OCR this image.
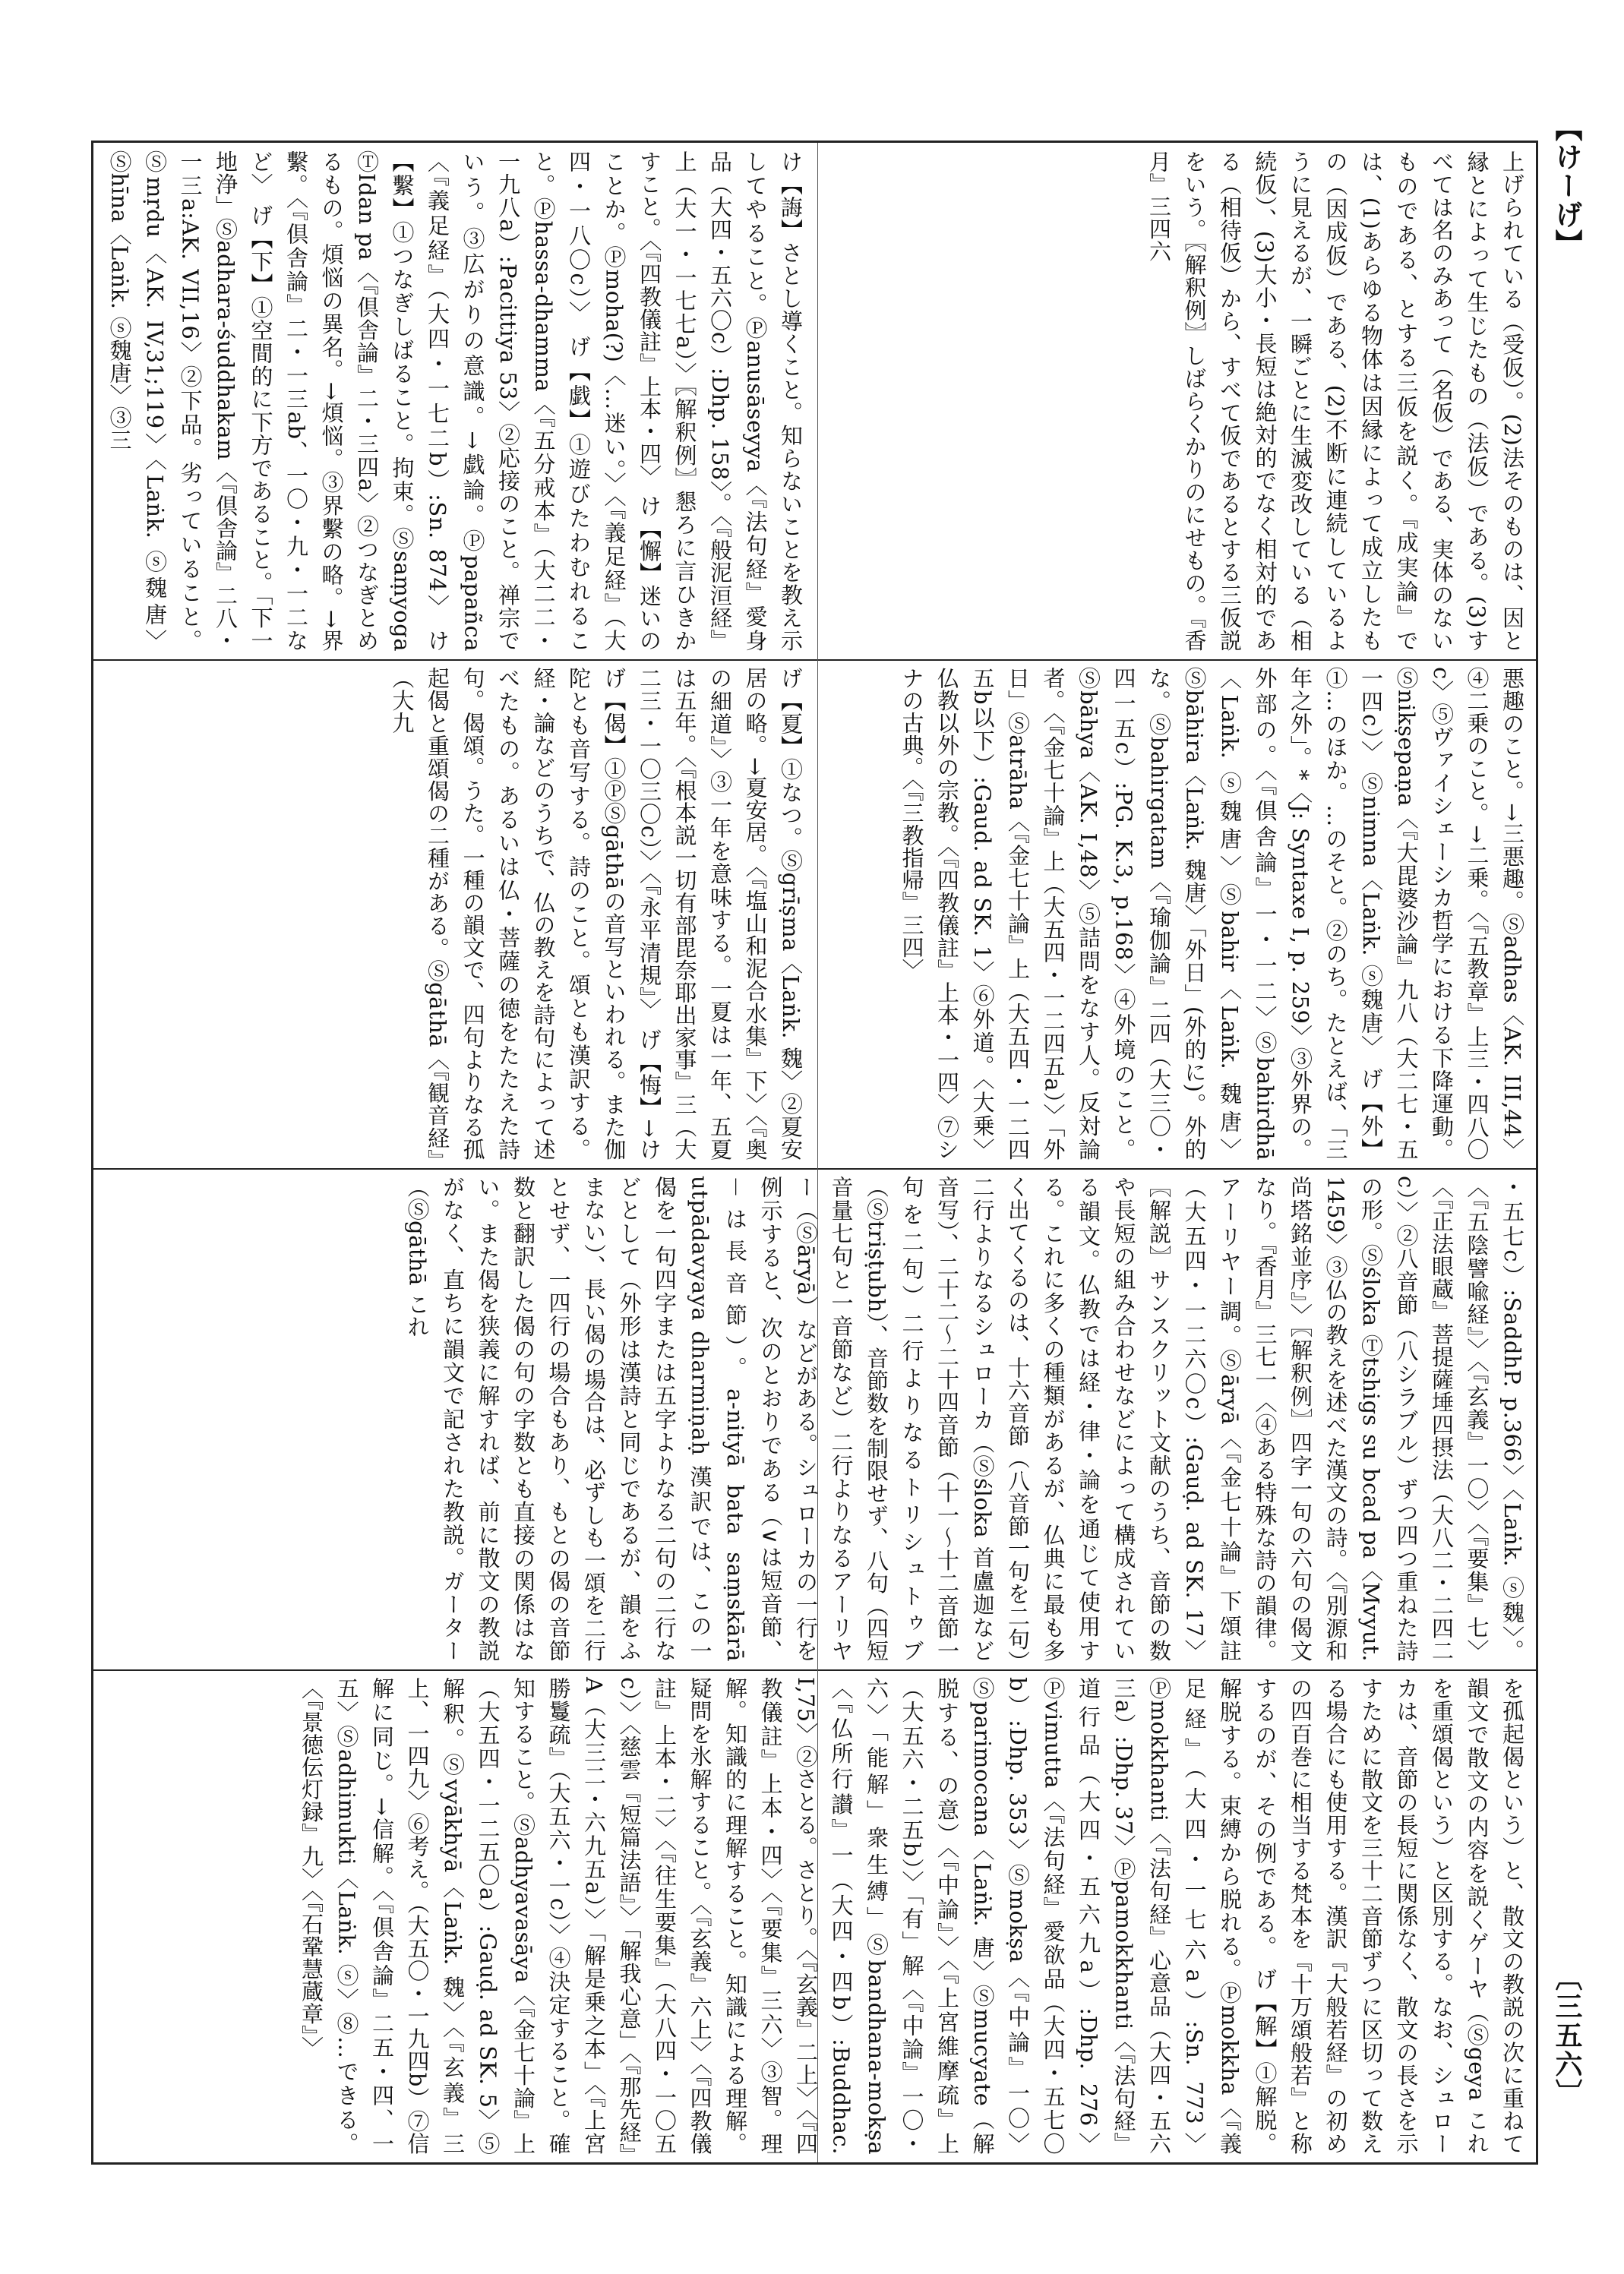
【けーげ】
〔三五六〕
上げられている（受仮）。(2)法そのものは、因と縁とによって生じたもの（法仮）である。(3)すべては名のみあって（名仮）である、実体のないものである、とする三仮を説く。『成実論』では、(1)あらゆる物体は因縁によって成立したもの（因成仮）である、(2)不断に連続しているように見えるが、一瞬ごとに生滅変改している（相続仮）、(3)大小・長短は絶対的でなく相対的である（相待仮）から、すべて仮であるとする三仮説をいう。〖解釈例〗しばらくかりのにせもの。『香月』三四六
け【誨】さとし導くこと。知らないことを教え示してやること。Ⓟanusāseyya〈『法句経』愛身品（大四・五六〇c）:Dhp. 158〉。〈『般泥洹経』上（大一・一七七a）〉〖解釈例〗懇ろに言ひきかすこと。〈『四教儀註』上本・四〉 け【懈】迷いのことか。Ⓟmoha(?)〈…迷い。〉〈『義足経』（大四・一八〇c）〉 げ【戯】①遊びたわむれること。Ⓟhassa-dhamma〈『五分戒本』（大二二・一九八a）:Pacittiya 53〉②応接のこと。禅宗でいう。③広がりの意識。→戯論。Ⓟpapañca〈『義足経』（大四・一七二b）:Sn. 874〉 け【繫】①つなぎしばること。拘束。Ⓢsaṃyoga ⓉIdan pa〈『倶舎論』二・三四a〉②つなぎとめるもの。煩悩の異名。→煩悩。③界繫の略。→界繫。〈『倶舎論』二・一三ab、一〇・九・一二など〉 げ【下】①空間的に下方であること。「下一地浄」Ⓢadhara-śuddhakam〈『倶舎論』二八・一三a:AK. VII,16〉②下品。劣っていること。Ⓢmṛdu〈AK. IV,31;119〉〈Laṅk. ⓢ魏唐〉Ⓢhīna〈Laṅk. ⓢ魏唐〉③三
悪趣のこと。→三悪趣。Ⓢadhas〈AK. III,44〉④二乗のこと。→二乗。〈『五教章』上三・四八〇c〉⑤ヴァイシェーシカ哲学における下降運動。Ⓢnikṣepaṇa〈『大毘婆沙論』九八（大二七・五一四c）〉 Ⓢnimna〈Laṅk. ⓢ魏唐〉 げ【外】①…のほか。…のそと。②のち。たとえば、「三年之外」。*〈J: Syntaxe I, p. 259〉③外界の。外部の。〈『倶舎論』一・一二〉Ⓢbahirdhā〈Laṅk. ⓢ魏唐〉Ⓢbahir〈Laṅk. 魏唐〉Ⓢbāhira〈Laṅk. 魏唐〉「外日」(外的に)。外的な。Ⓢbahirgatam〈『瑜伽論』二四（大三〇・四一五c）:PG. K.3, p.168〉④外境のこと。Ⓢbāhya〈AK. I,48〉⑤詰問をなす人。反対論者。〈『金七十論』上（大五四・一二四五a）〉「外日」Ⓢatrāha〈『金七十論』上（大五四・一二四五b以下）:Gaud. ad SK. 1〉⑥外道。〈大乗〉仏教以外の宗教。〈『四教儀註』上本・一四〉⑦シナの古典。〈『三教指帰』三四〉
げ【夏】①なつ。Ⓢgrīṣma〈Laṅk. 魏〉②夏安居の略。→夏安居。〈『塩山和泥合水集』下〉〈『奥の細道』〉③一年を意味する。一夏は一年、五夏は五年。〈『根本説一切有部毘奈耶出家事』三（大二三・一〇三〇c）〉〈『永平清規』〉 げ【悔】→け げ【偈】①ⓅⓈgāthāの音写といわれる。また伽陀とも音写する。詩のこと。頌とも漢訳する。経・論などのうちで、仏の教えを詩句によって述べたもの。あるいは仏・菩薩の徳をたたえた詩句。偈頌。うた。一種の韻文で、四句よりなる孤起偈と重頌偈の二種がある。Ⓢgāthā〈『観音経』（大九
・五七c）:SaddhP. p.366〉〈Laṅk. ⓢ魏〉。〈『五陰譬喩経』〉〈『玄義』一〇〉〈『要集』七〉〈『正法眼蔵』菩提薩埵四摂法（大八二・二四二c）〉②八音節（八シラブル）ずつ四つ重ねた詩の形。Ⓢśloka Ⓣtshigs su bcad pa〈Mvyut. 1459〉③仏の教えを述べた漢文の詩。〈『別源和尚塔銘並序』〉〖解釈例〗四字一句の六句の偈文なり。『香月』三七一〈④ある特殊な詩の韻律。アーリヤー調。Ⓢāryā〈『金七十論』下頌註（大五四・一二六〇c）:Gauḍ. ad SK. 17〉〖解説〗サンスクリット文献のうち、音節の数や長短の組み合わせなどによって構成されている韻文。仏教では経・律・論を通じて使用する。これに多くの種類があるが、仏典に最も多く出てくるのは、十六音節（八音節一句を二句）二行よりなるシュローカ（Ⓢśloka 首盧迦など音写）、二十二～二十四音節（十一～十二音節一句を二句）二行よりなるトリシュトゥブ（Ⓢtriṣṭubh）、音節数を制限せず、八句（四短音量七句と一音節など）二行よりなるアーリヤー（Ⓢāryā）などがある。シュローカの一行を例示すると、次のとおりである（∨は短音節、－は長音節）。a-nityā bata saṃskārā utpādavyaya dharmiṇaḥ 漢訳では、この一偈を一句四字または五字よりなる二句の二行などとして（外形は漢詩と同じであるが、韻をふまない）、長い偈の場合は、必ずしも一頌を二行とせず、一四行の場合もあり、もとの偈の音節数と翻訳した偈の句の字数とも直接の関係はない。また偈を狭義に解すれば、前に散文の教説がなく、直ちに韻文で記された教説。ガーター（Ⓢgāthā これ
を孤起偈という）と、散文の教説の次に重ねて韻文で散文の内容を説くゲーヤ（Ⓢgeya これを重頌偈という）と区別する。なお、シュローカは、音節の長短に関係なく、散文の長さを示すために散文を三十二音節ずつに区切って数える場合にも使用する。漢訳『大般若経』の初めの四百巻に相当する梵本を『十万頌般若』と称するのが、その例である。 げ【解】①解脱。解脱する。束縛から脱れる。Ⓟmokkha〈『義足経』（大四・一七六a）:Sn. 773〉Ⓟmokkhanti〈『法句経』心意品（大四・五六三a）:Dhp. 37〉Ⓟpamokkhanti〈『法句経』道行品（大四・五六九a）:Dhp. 276〉Ⓟvimutta〈『法句経』愛欲品（大四・五七〇b）:Dhp. 353〉Ⓢmokṣa〈『中論』一〇〉Ⓢparimocana〈Laṅk. 唐〉Ⓢmucyate（解脱する、の意）〈『中論』〉〈『上宮維摩疏』上（大五六・二五b）〉「有」解〈『中論』一〇・六〉「能解」衆生縛」Ⓢbandhana-mokṣa〈『仏所行讃』一（大四・四b）:Buddhac. I,75〉②さとる。さとり。〈『玄義』二上〉〈『四教儀註』上本・四〉〈『要集』三六〉③智。理解。知識的に理解すること。知識による理解。疑問を氷解すること。〈『玄義』六上〉〈『四教儀註』上本・二〉〈『往生要集』（大八四・一〇五c）〉〈慈雲『短篇法語』〉「解我心意」〈『那先経』A（大三二・六九五a）〉「解是乗之本」〈『上宮勝鬘疏』（大五六・一c）〉④決定すること。確知すること。Ⓢadhyavasāya〈『金七十論』上（大五四・一二五〇a）:Gauḍ. ad SK. 5〉⑤解釈。Ⓢvyākhyā〈Laṅk. 魏〉〈『玄義』三上、一四九〉⑥考え。（大五〇・一九四b）⑦信解に同じ。→信解。〈『倶舎論』二五・四、一五〉Ⓢadhimukti〈Laṅk. ⓢ〉⑧…できる。〈『景徳伝灯録』九〉〈『石鞏慧蔵章』〉
